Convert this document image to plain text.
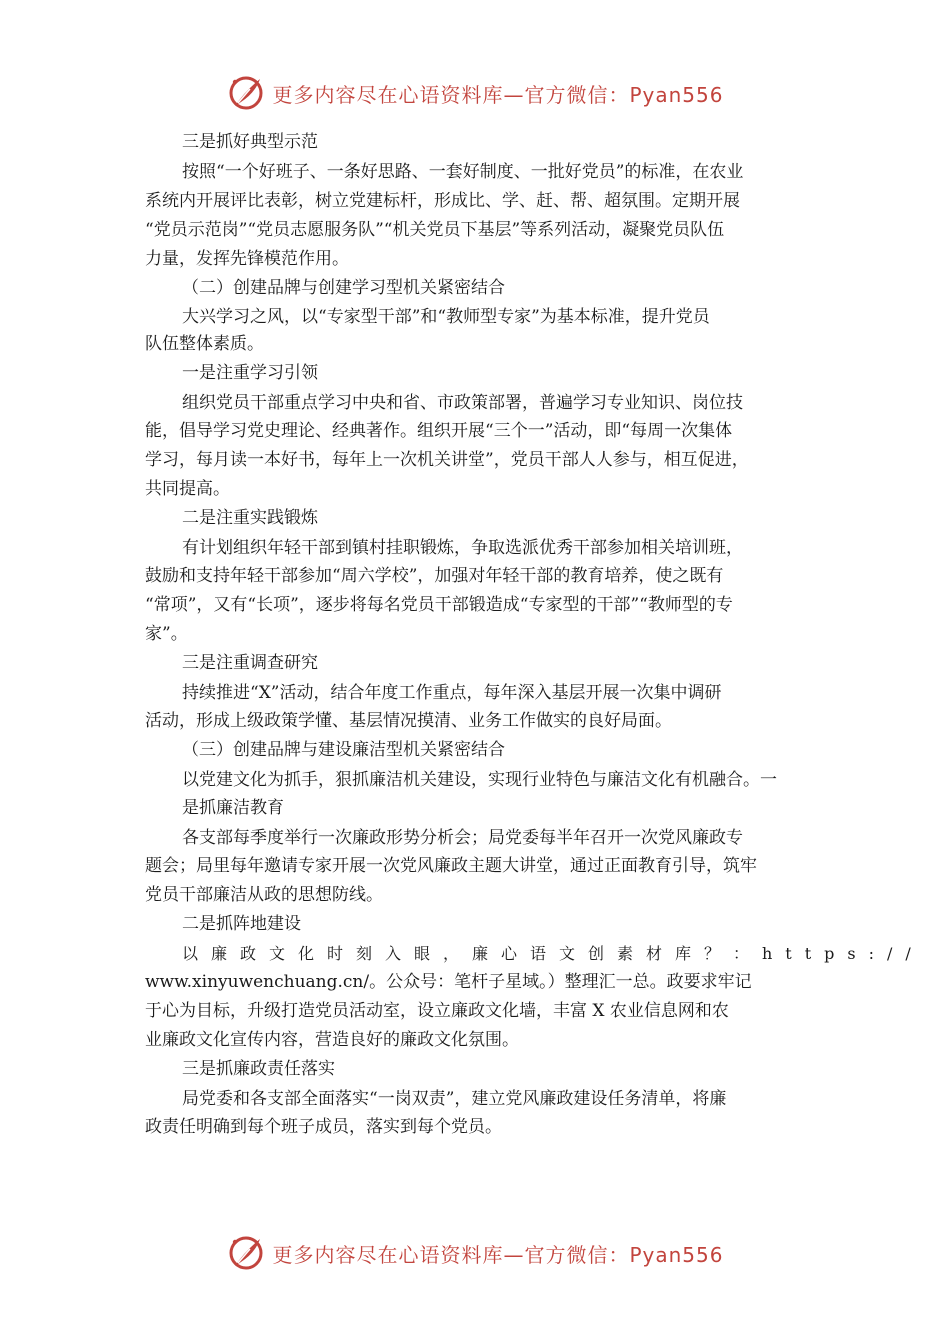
更多内容尽在心语资料库—官方微信：Pyan556

三是抓好典型示范

按照“一个好班子、一条好思路、一套好制度、一批好党员”的标准，在农业

系统内开展评比表彰，树立党建标杆，形成比、学、赶、帮、超氛围。定期开展

“党员示范岗”“党员志愿服务队”“机关党员下基层”等系列活动，凝聚党员队伍

力量，发挥先锋模范作用。

（二）创建品牌与创建学习型机关紧密结合

大兴学习之风，以“专家型干部”和“教师型专家”为基本标准，提升党员

队伍整体素质。

一是注重学习引领

组织党员干部重点学习中央和省、市政策部署，普遍学习专业知识、岗位技

能，倡导学习党史理论、经典著作。组织开展“三个一”活动，即“每周一次集体

学习，每月读一本好书，每年上一次机关讲堂”，党员干部人人参与，相互促进，

共同提高。

二是注重实践锻炼

有计划组织年轻干部到镇村挂职锻炼，争取选派优秀干部参加相关培训班，

鼓励和支持年轻干部参加“周六学校”，加强对年轻干部的教育培养，使之既有

“常项”，又有“长项”，逐步将每名党员干部锻造成“专家型的干部”“教师型的专

家”。

三是注重调查研究

持续推进“X”活动，结合年度工作重点，每年深入基层开展一次集中调研

活动，形成上级政策学懂、基层情况摸清、业务工作做实的良好局面。

（三）创建品牌与建设廉洁型机关紧密结合

以党建文化为抓手，狠抓廉洁机关建设，实现行业特色与廉洁文化有机融合。一

是抓廉洁教育

各支部每季度举行一次廉政形势分析会；局党委每半年召开一次党风廉政专

题会；局里每年邀请专家开展一次党风廉政主题大讲堂，通过正面教育引导，筑牢

党员干部廉洁从政的思想防线。

二是抓阵地建设

以廉政文化时刻入眼，廉心语文创素材库？：https://

www.xinyuwenchuang.cn/。公众号：笔杆子星域。）整理汇一总。政要求牢记

于心为目标，升级打造党员活动室，设立廉政文化墙，丰富 X 农业信息网和农

业廉政文化宣传内容，营造良好的廉政文化氛围。

三是抓廉政责任落实

局党委和各支部全面落实“一岗双责”，建立党风廉政建设任务清单，将廉

政责任明确到每个班子成员，落实到每个党员。

更多内容尽在心语资料库—官方微信：Pyan556
